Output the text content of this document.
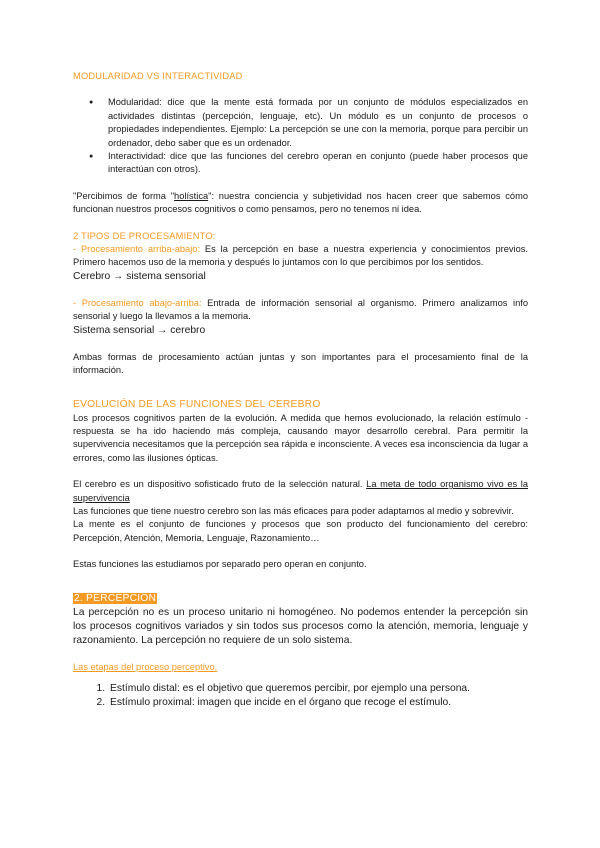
MODULARIDAD VS INTERACTIVIDAD
● Modularidad: dice que la mente está formada por un conjunto de módulos especializados en actividades distintas (percepción, lenguaje, etc). Un módulo es un conjunto de procesos o propiedades independientes. Ejemplo: La percepción se une con la memoria, porque para percibir un ordenador, debo saber que es un ordenador.
● Interactividad: dice que las funciones del cerebro operan en conjunto (puede haber procesos que interactúan con otros).

"Percibimos de forma "holística": nuestra conciencia y subjetividad nos hacen creer que sabemos cómo funcionan nuestros procesos cognitivos o como pensamos, pero no tenemos ni idea.

2 TIPOS DE PROCESAMIENTO:

- Procesamiento arriba-abajo: Es la percepción en base a nuestra experiencia y conocimientos previos. Primero hacemos uso de la memoria y después lo juntamos con lo que percibimos por los sentidos.

Cerebro → sistema sensorial

- Procesamiento abajo-arriba: Entrada de información sensorial al organismo. Primero analizamos info sensorial y luego la llevamos a la memoria.

Sistema sensorial → cerebro

Ambas formas de procesamiento actúan juntas y son importantes para el procesamiento final de la información.

EVOLUCIÓN DE LAS FUNCIONES DEL CEREBRO

Los procesos cognitivos parten de la evolución. A medida que hemos evolucionado, la relación estímulo - respuesta se ha ido haciendo más compleja, causando mayor desarrollo cerebral. Para permitir la supervivencia necesitamos que la percepción sea rápida e inconsciente. A veces esa inconsciencia da lugar a errores, como las ilusiones ópticas.

El cerebro es un dispositivo sofisticado fruto de la selección natural. La meta de todo organismo vivo es la supervivencia

Las funciones que tiene nuestro cerebro son las más eficaces para poder adaptarnos al medio y sobrevivir.

La mente es el conjunto de funciones y procesos que son producto del funcionamiento del cerebro: Percepción, Atención, Memoria, Lenguaje, Razonamiento…

Estas funciones las estudiamos por separado pero operan en conjunto.

2. PERCEPCIÓN

La percepción no es un proceso unitario ni homogéneo. No podemos entender la percepción sin los procesos cognitivos variados y sin todos sus procesos como la atención, memoria, lenguaje y razonamiento. La percepción no requiere de un solo sistema.

Las etapas del proceso perceptivo.

1. Estímulo distal: es el objetivo que queremos percibir, por ejemplo una persona.
2. Estímulo proximal: imagen que incide en el órgano que recoge el estímulo.
